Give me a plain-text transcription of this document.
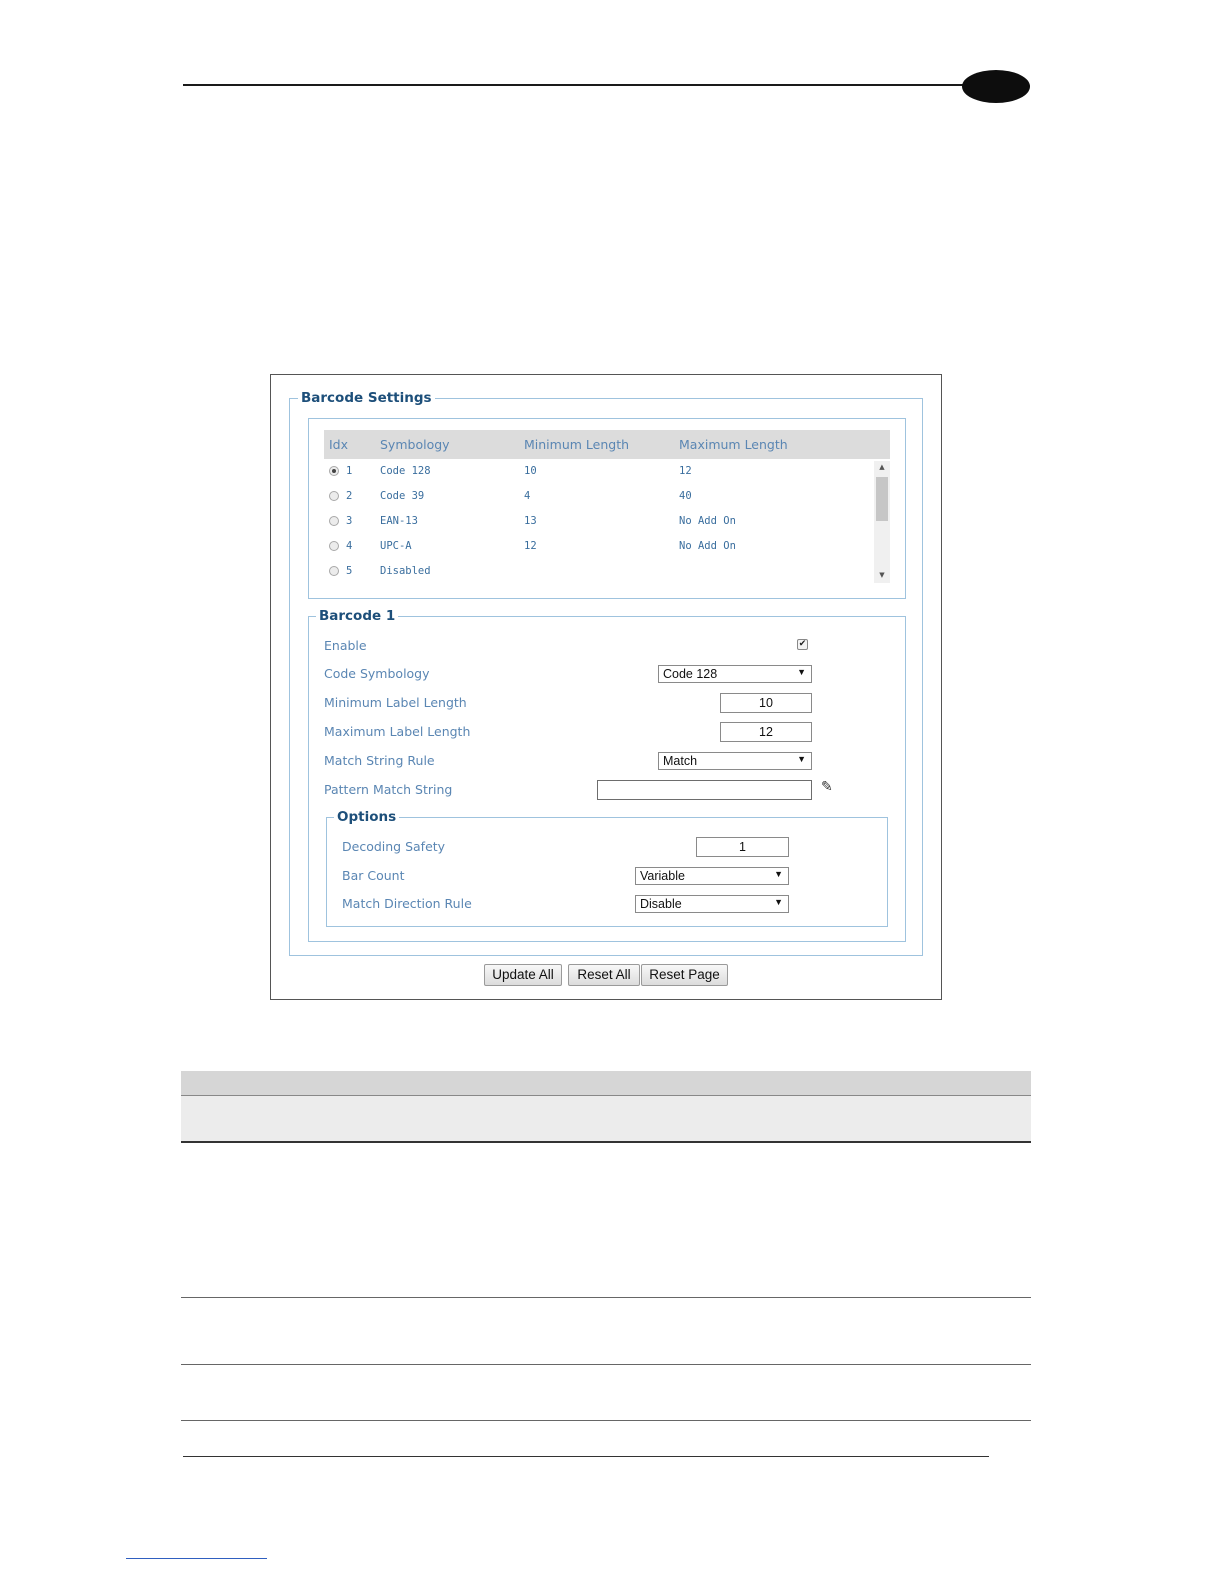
Barcode Settings
Idx	Symbology	Minimum Length	Maximum Length
1	Code 128	10	12
2	Code 39	4	40
3	EAN-13	13	No Add On
4	UPC-A	12	No Add On
5	Disabled
▲
▼
Barcode 1
Enable	✔
Code Symbology	Code 128	▼
Minimum Label Length	10
Maximum Label Length	12
Match String Rule	Match	▼
Pattern Match String	✎
Options
Decoding Safety	1
Bar Count	Variable	▼
Match Direction Rule	Disable	▼
Update All	Reset All	Reset Page
